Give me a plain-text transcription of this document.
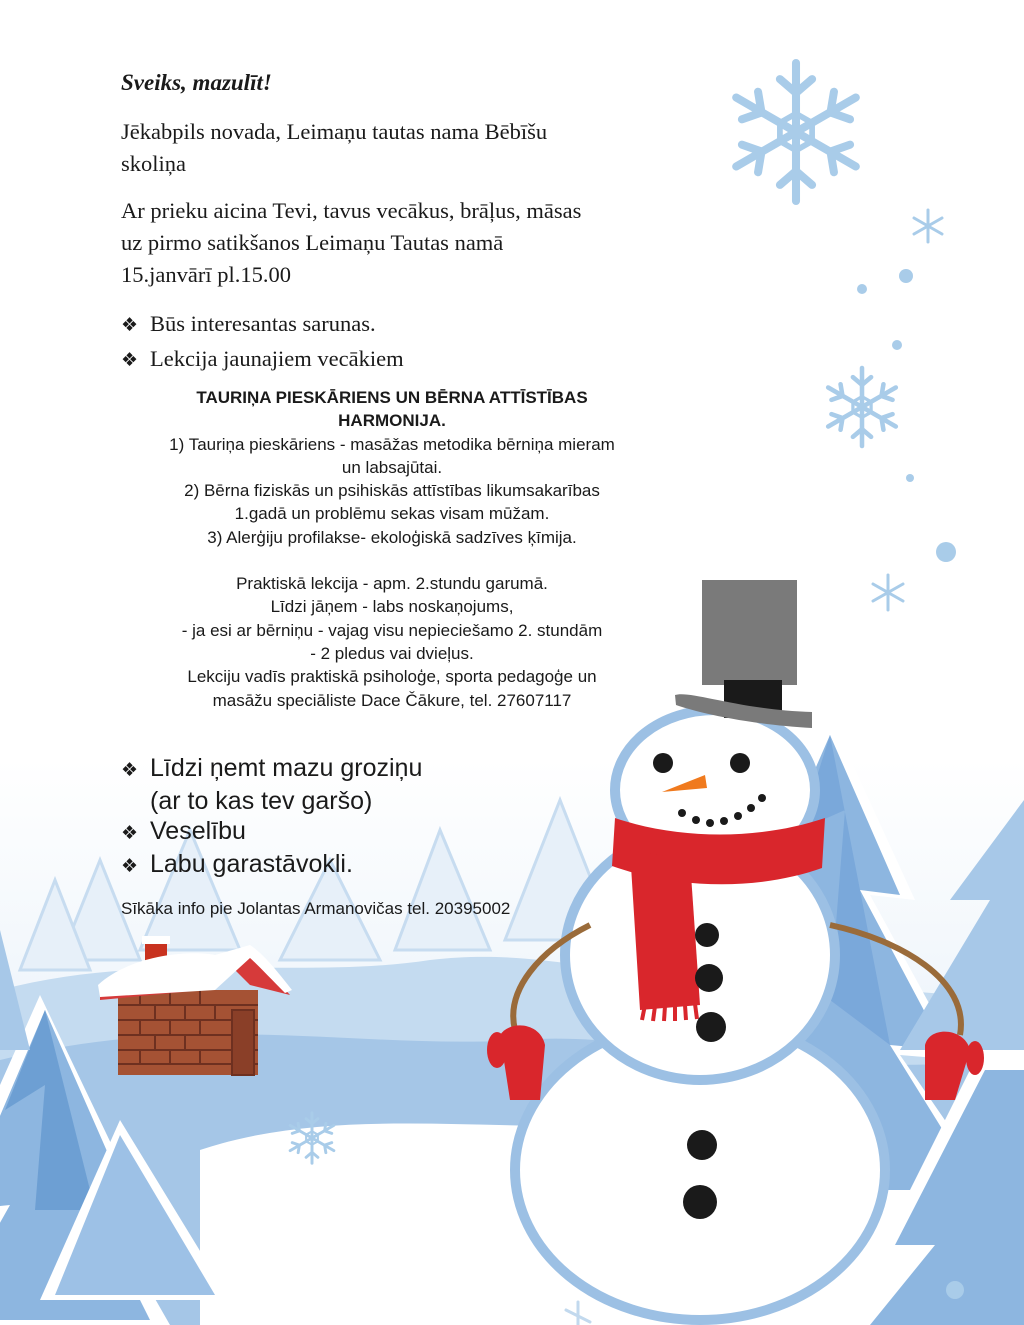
Sveiks, mazulīt!
Jēkabpils novada, Leimaņu tautas nama Bēbīšu
skoliņa
Ar prieku aicina Tevi, tavus vecākus, brāļus, māsas
uz pirmo satikšanos Leimaņu Tautas namā
15.janvārī pl.15.00
❖ Būs interesantas sarunas.
❖ Lekcija jaunajiem vecākiem
TAURIŅA PIESKĀRIENS UN BĒRNA ATTĪSTĪBAS
HARMONIJA.
1) Tauriņa pieskāriens - masāžas metodika bērniņa mieram
un labsajūtai.
2) Bērna fiziskās un psihiskās attīstības likumsakarības
1.gadā un problēmu sekas visam mūžam.
3) Alerģiju profilakse- ekoloģiskā sadzīves ķīmija.
Praktiskā lekcija - apm. 2.stundu garumā.
Līdzi jāņem - labs noskaņojums,
- ja esi ar bērniņu - vajag visu nepieciešamo 2. stundām
- 2 pledus vai dvieļus.
Lekciju vadīs praktiskā psiholoģe, sporta pedagoģe un
masāžu speciāliste Dace Čākure, tel. 27607117
❖ Līdzi ņemt mazu groziņu
(ar to kas tev garšo)
❖ Veselību
❖ Labu garastāvokli.
Sīkāka info pie Jolantas Armanovičas tel. 20395002
